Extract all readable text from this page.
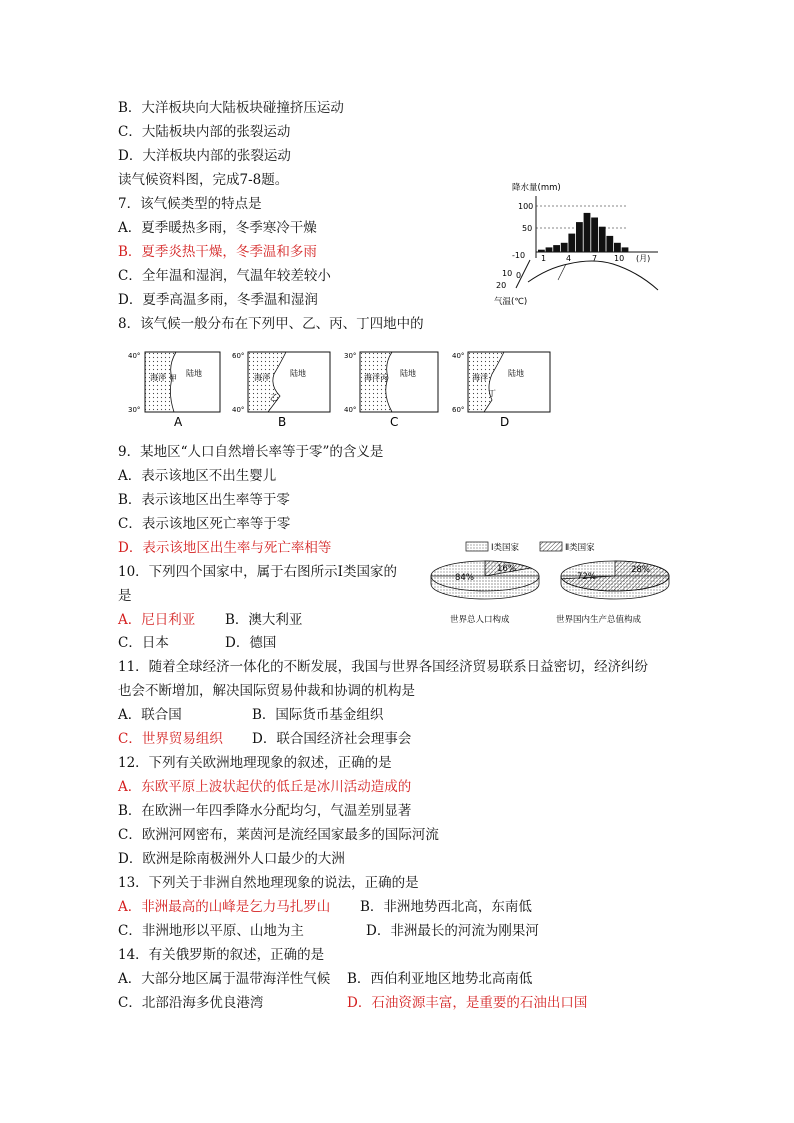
B．大洋板块向大陆板块碰撞挤压运动
C．大陆板块内部的张裂运动
D．大洋板块内部的张裂运动
读气候资料图，完成7-8题。
7．该气候类型的特点是
A．夏季暖热多雨，冬季寒冷干燥
B．夏季炎热干燥，冬季温和多雨
C．全年温和湿润，气温年较差较小
D．夏季高温多雨，冬季温和湿润
8．该气候一般分布在下列甲、乙、丙、丁四地中的
9．某地区“人口自然增长率等于零”的含义是
A．表示该地区不出生婴儿
B．表示该地区出生率等于零
C．表示该地区死亡率等于零
D．表示该地区出生率与死亡率相等
10．下列四个国家中，属于右图所示Ⅰ类国家的
是
11．随着全球经济一体化的不断发展，我国与世界各国经济贸易联系日益密切，经济纠纷
也会不断增加，解决国际贸易仲裁和协调的机构是
12．下列有关欧洲地理现象的叙述，正确的是
A．东欧平原上波状起伏的低丘是冰川活动造成的
B．在欧洲一年四季降水分配均匀，气温差别显著
C．欧洲河网密布，莱茵河是流经国家最多的国际河流
D．欧洲是除南极洲外人口最少的大洲
13．下列关于非洲自然地理现象的说法，正确的是
14．有关俄罗斯的叙述，正确的是
A．尼日利亚 B．澳大利亚
C．日本	D．德国
A．联合国	B．国际货币基金组织
C．世界贸易组织 D．联合国经济社会理事会
A．非洲最高的山峰是乞力马扎罗山 B．非洲地势西北高，东南低
C．非洲地形以平原、山地为主	D．非洲最长的河流为刚果河
A．大部分地区属于温带海洋性气候 B．西伯利亚地区地势北高南低
C．北部沿海多优良港湾	D．石油资源丰富，是重要的石油出口国
降水量(mm)
100
50
0
-10
10
20
1 4	7 10 (月)
气温(℃)
40°
30°
海洋 甲
陆地
A
60°
40°
海洋
乙
陆地
B
30°
40°
海洋 丙
陆地
C
40°
60°
海洋
丁
陆地
D
Ⅰ类国家	Ⅱ类国家
84%
16%	28%
72%
世界总人口构成	世界国内生产总值构成
